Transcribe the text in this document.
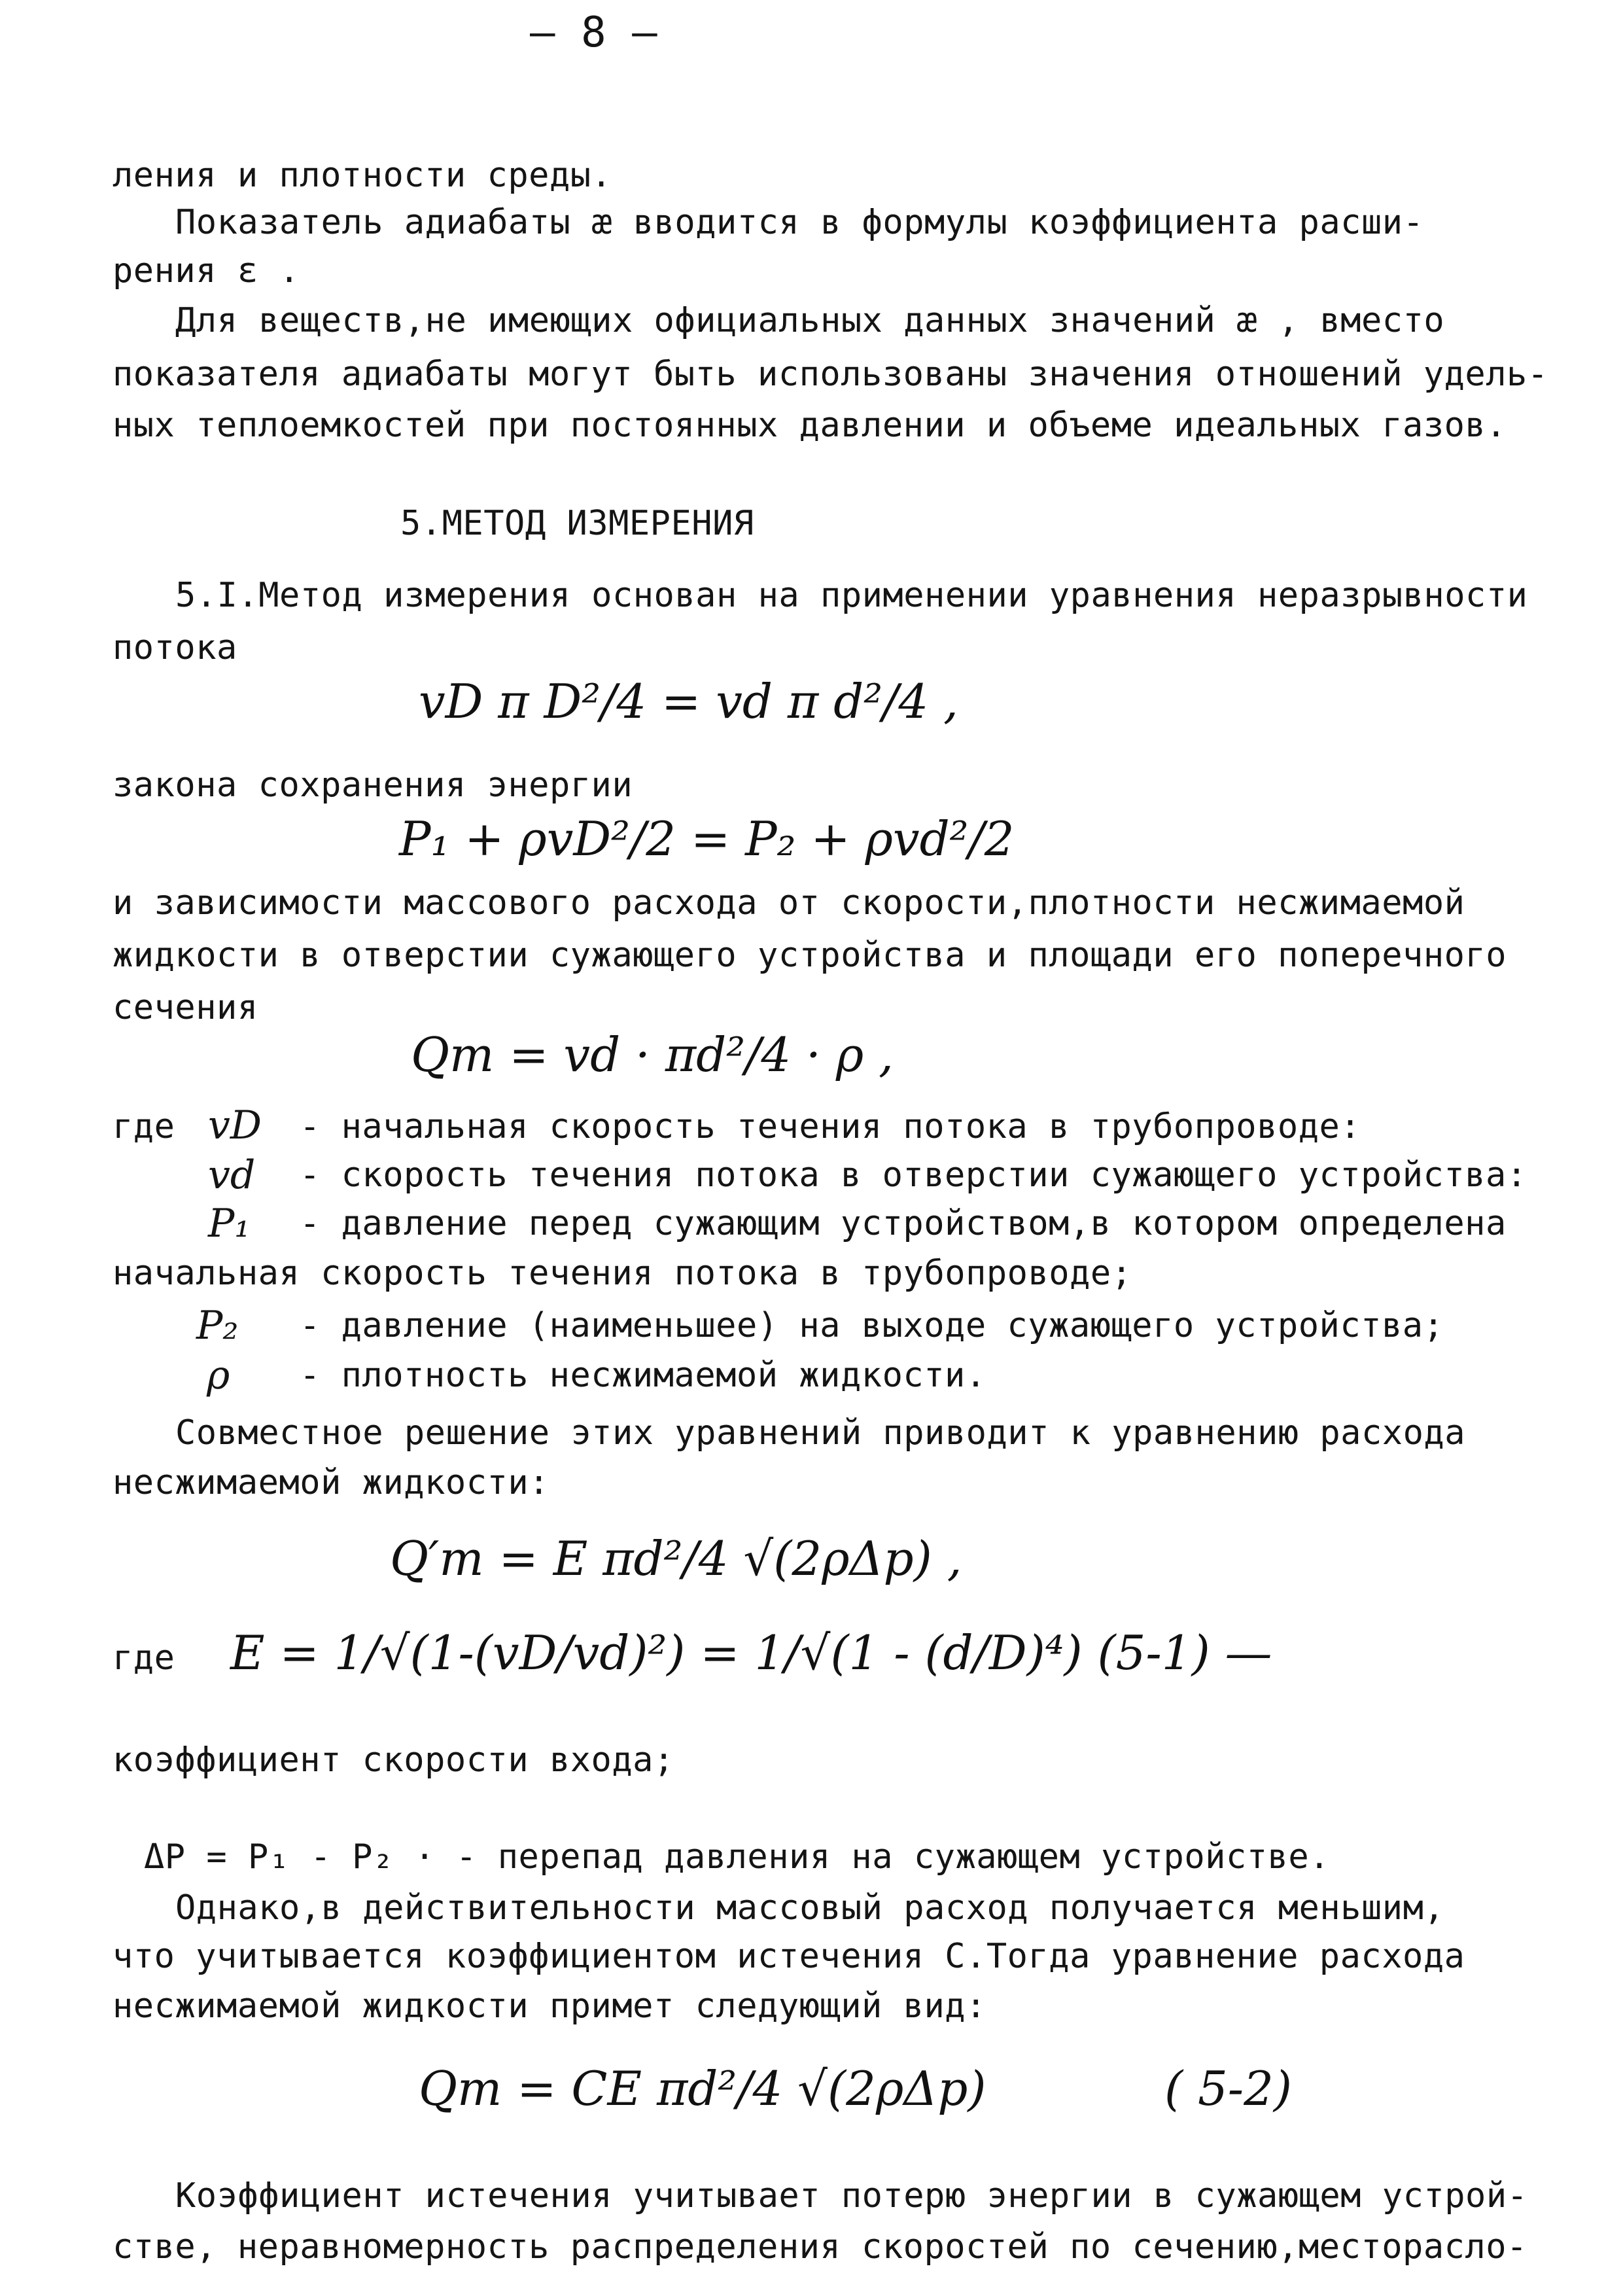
— 8 —
ления и плотности среды.
Показатель адиабаты ӕ вводится в формулы коэффициента расши-
рения ε .
Для веществ,не имеющих официальных данных значений ӕ , вместо
показателя адиабаты могут быть использованы значения отношений удель-
ных теплоемкостей при постоянных давлении и объеме идеальных газов.
5.МЕТОД ИЗМЕРЕНИЯ
5.I.Метод измерения основан на применении уравнения неразрывности
потока
𝑣𝐷 π D²/4 = 𝑣𝑑 π d²/4 ,
закона сохранения энергии
P₁ + ρ𝑣𝐷²/2 = P₂ + ρ𝑣𝑑²/2
и зависимости массового расхода от скорости,плотности несжимаемой
жидкости в отверстии сужающего устройства и площади его поперечного
сечения
Qm = 𝑣𝑑 · πd²/4 · ρ ,
где 𝑣𝐷 - начальная скорость течения потока в трубопроводе:
𝑣𝑑 - скорость течения потока в отверстии сужающего устройства:
P₁ - давление перед сужающим устройством,в котором определена
начальная скорость течения потока в трубопроводе;
P₂ - давление (наименьшее) на выходе сужающего устройства;
ρ - плотность несжимаемой жидкости.
Совместное решение этих уравнений приводит к уравнению расхода
несжимаемой жидкости:
Q′m = E πd²/4 √(2ρΔp) ,
где E = 1/√(1-(𝑣𝐷/𝑣𝑑)²) = 1/√(1 - (d/D)⁴) (5-1) —
коэффициент скорости входа;
ΔP = P₁ - P₂ · - перепад давления на сужающем устройстве.
Однако,в действительности массовый расход получается меньшим,
что учитывается коэффициентом истечения С.Тогда уравнение расхода
несжимаемой жидкости примет следующий вид:
Qm = CE πd²/4 √(2ρΔp)	( 5-2)
Коэффициент истечения учитывает потерю энергии в сужающем устрой-
стве, неравномерность распределения скоростей по сечению,месторасло-
